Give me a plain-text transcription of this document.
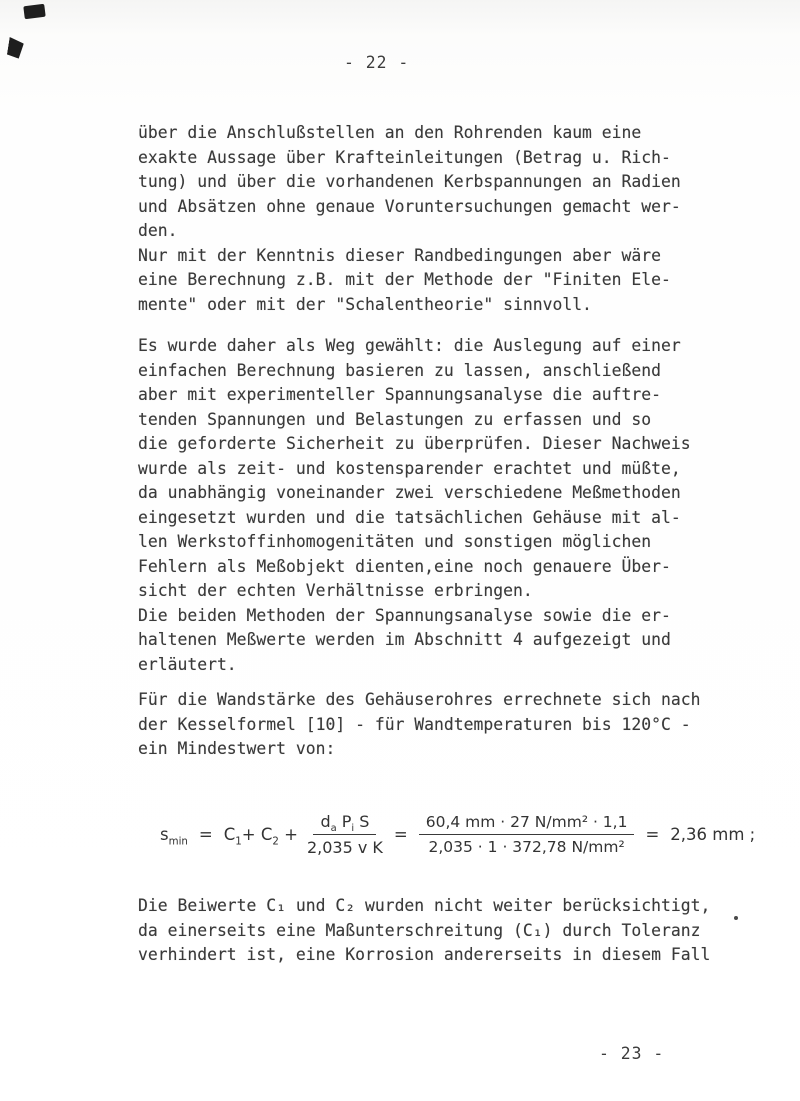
- 22 -
über die Anschlußstellen an den Rohrenden kaum eine
exakte Aussage über Krafteinleitungen (Betrag u. Rich-
tung) und über die vorhandenen Kerbspannungen an Radien
und Absätzen ohne genaue Voruntersuchungen gemacht wer-
den.
Nur mit der Kenntnis dieser Randbedingungen aber wäre
eine Berechnung z.B. mit der Methode der "Finiten Ele-
mente" oder mit der "Schalentheorie" sinnvoll.
Es wurde daher als Weg gewählt: die Auslegung auf einer
einfachen Berechnung basieren zu lassen, anschließend
aber mit experimenteller Spannungsanalyse die auftre-
tenden Spannungen und Belastungen zu erfassen und so
die geforderte Sicherheit zu überprüfen. Dieser Nachweis
wurde als zeit- und kostensparender erachtet und müßte,
da unabhängig voneinander zwei verschiedene Meßmethoden
eingesetzt wurden und die tatsächlichen Gehäuse mit al-
len Werkstoffinhomogenitäten und sonstigen möglichen
Fehlern als Meßobjekt dienten,eine noch genauere Über-
sicht der echten Verhältnisse erbringen.
Die beiden Methoden der Spannungsanalyse sowie die er-
haltenen Meßwerte werden im Abschnitt 4 aufgezeigt und
erläutert.
Für die Wandstärke des Gehäuserohres errechnete sich nach
der Kesselformel [10] - für Wandtemperaturen bis 120°C -
ein Mindestwert von:
$s_{min} = C_1+ C_2 + \frac{d_a P_i S}{\text{2,035 v K}} = \frac{\text{60,4 mm · 27 N/mm² · 1,1}}{\text{2,035 · 1 · 372,78 N/mm²}} = 2,36$ mm ;
Die Beiwerte C₁ und C₂ wurden nicht weiter berücksichtigt,
da einerseits eine Maßunterschreitung (C₁) durch Toleranz
verhindert ist, eine Korrosion andererseits in diesem Fall
- 23 -
